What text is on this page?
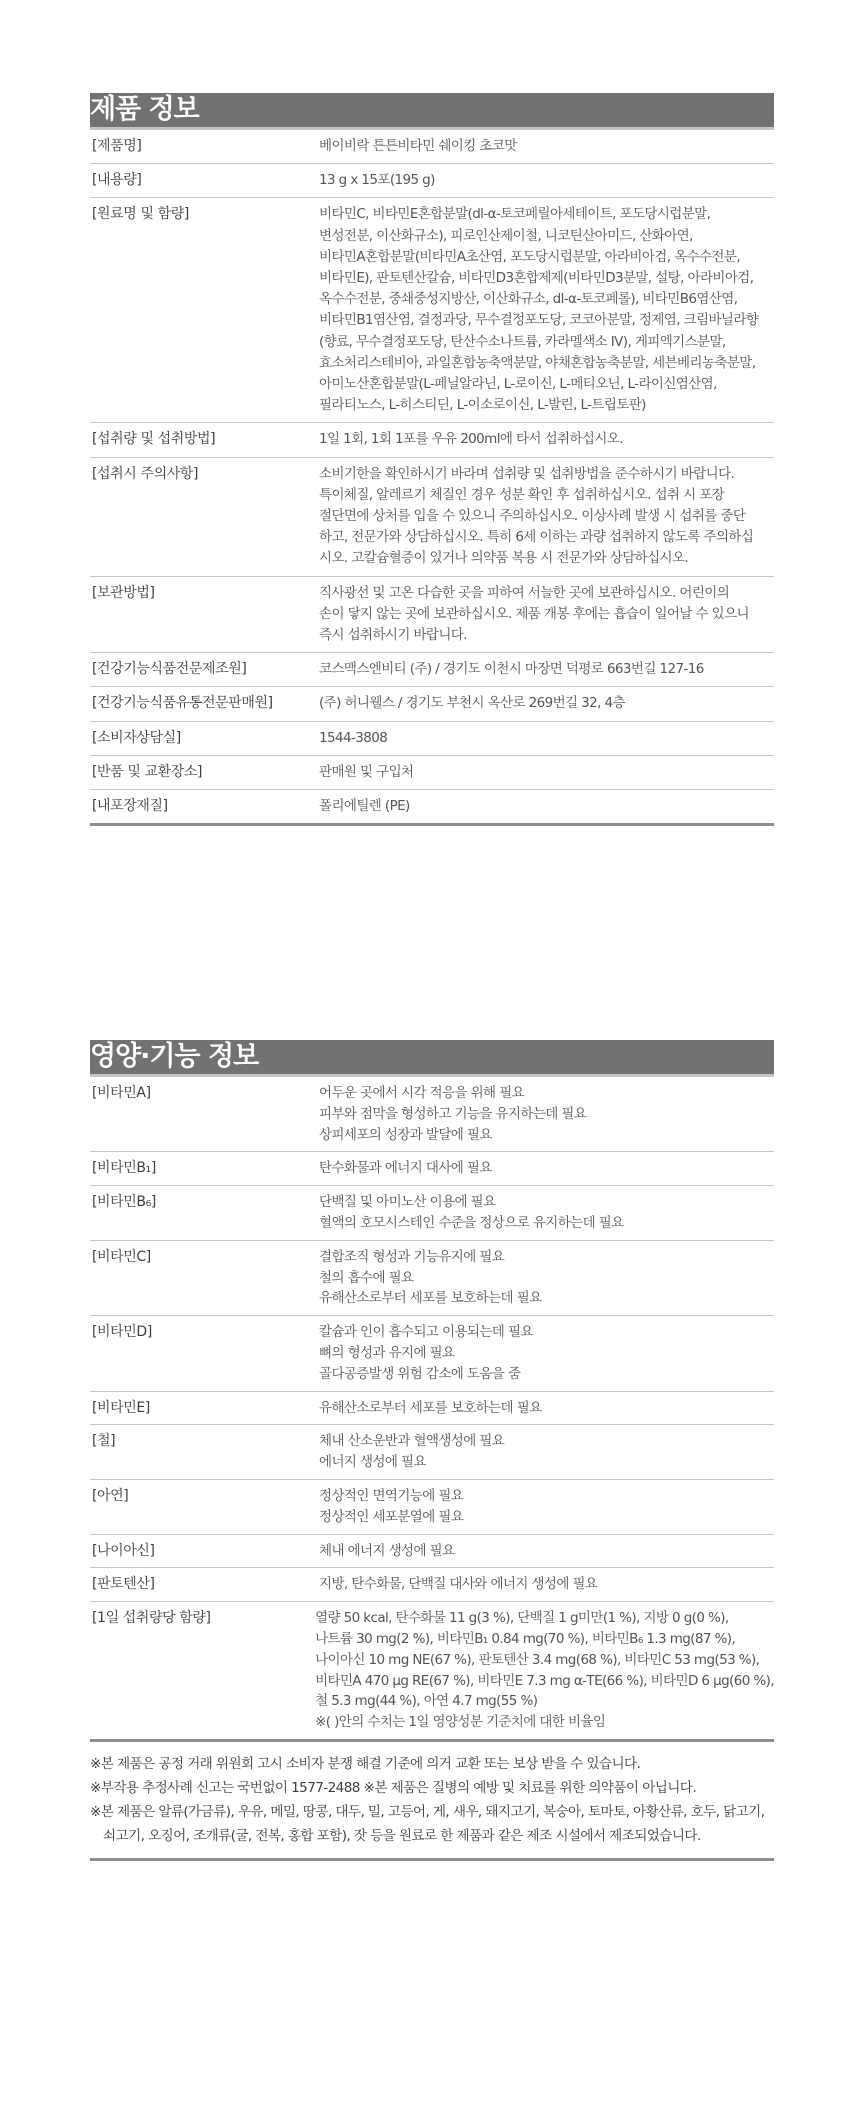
제품 정보
[제품명]	베이비락 튼튼비타민 쉐이킹 초코맛
[내용량]	13 g x 15포(195 g)
[원료명 및 함량]	비타민C, 비타민E혼합분말(dl-α-토코페릴아세테이트, 포도당시럽분말,
변성전분, 이산화규소), 피로인산제이철, 니코틴산아미드, 산화아연,
비타민A혼합분말(비타민A초산염, 포도당시럽분말, 아라비아검, 옥수수전분,
비타민E), 판토텐산칼슘, 비타민D3혼합제제(비타민D3분말, 설탕, 아라비아검,
옥수수전분, 중쇄중성지방산, 이산화규소, dl-α-토코페롤), 비타민B6염산염,
비타민B1염산염, 결정과당, 무수결정포도당, 코코아분말, 정제염, 크림바닐라향
(향료, 무수결정포도당, 탄산수소나트륨, 카라멜색소 IV), 게피엑기스분말,
효소처리스테비아, 과일혼합농축액분말, 야채혼합농축분말, 세븐베리농축분말,
아미노산혼합분말(L-페닐알라닌, L-로이신, L-메티오닌, L-라이신염산염,
필라티노스, L-히스티딘, L-이소로이신, L-발린, L-트립토판)
[섭취량 및 섭취방법]	1일 1회, 1회 1포를 우유 200ml에 타서 섭취하십시오.
[섭취시 주의사항]	소비기한을 확인하시기 바라며 섭취량 및 섭취방법을 준수하시기 바랍니다.
특이체질, 알레르기 체질인 경우 성분 확인 후 섭취하십시오. 섭취 시 포장
절단면에 상처를 입을 수 있으니 주의하십시오. 이상사례 발생 시 섭취를 중단
하고, 전문가와 상담하십시오. 특히 6세 이하는 과량 섭취하지 않도록 주의하십
시오. 고칼슘혈증이 있거나 의약품 복용 시 전문가와 상담하십시오.
[보관방법]	직사광선 및 고온 다습한 곳을 피하여 서늘한 곳에 보관하십시오. 어린이의
손이 닿지 않는 곳에 보관하십시오. 제품 개봉 후에는 흡습이 일어날 수 있으니
즉시 섭취하시기 바랍니다.
[건강기능식품전문제조원]	코스맥스엔비티 (주) / 경기도 이천시 마장면 덕평로 663번길 127-16
[건강기능식품유통전문판매원]	(주) 허니웰스 / 경기도 부천시 옥산로 269번길 32, 4층
[소비자상담실]	1544-3808
[반품 및 교환장소]	판매원 및 구입처
[내포장재질]	폴리에틸렌 (PE)
영양·기능 정보
[비타민A]	어두운 곳에서 시각 적응을 위해 필요
피부와 점막을 형성하고 기능을 유지하는데 필요
상피세포의 성장과 발달에 필요
[비타민B₁]	탄수화물과 에너지 대사에 필요
[비타민B₆]	단백질 및 아미노산 이용에 필요
혈액의 호모시스테인 수준을 정상으로 유지하는데 필요
[비타민C]	결합조직 형성과 기능유지에 필요
철의 흡수에 필요
유해산소로부터 세포를 보호하는데 필요
[비타민D]	칼슘과 인이 흡수되고 이용되는데 필요
뼈의 형성과 유지에 필요
골다공증발생 위험 감소에 도움을 줌
[비타민E]	유해산소로부터 세포를 보호하는데 필요
[철]	체내 산소운반과 혈액생성에 필요
에너지 생성에 필요
[아연]	정상적인 면역기능에 필요
정상적인 세포분열에 필요
[나이아신]	체내 에너지 생성에 필요
[판토텐산]	지방, 탄수화물, 단백질 대사와 에너지 생성에 필요
[1일 섭취량당 함량]	열량 50 kcal, 탄수화물 11 g(3 %), 단백질 1 g미만(1 %), 지방 0 g(0 %),
나트륨 30 mg(2 %), 비타민B₁ 0.84 mg(70 %), 비타민B₆ 1.3 mg(87 %),
나이아신 10 mg NE(67 %), 판토텐산 3.4 mg(68 %), 비타민C 53 mg(53 %),
비타민A 470 μg RE(67 %), 비타민E 7.3 mg α-TE(66 %), 비타민D 6 μg(60 %),
철 5.3 mg(44 %), 아연 4.7 mg(55 %)
※( )안의 수치는 1일 영양성분 기준치에 대한 비율임
※본 제품은 공정 거래 위원회 고시 소비자 분쟁 해결 기준에 의거 교환 또는 보상 받을 수 있습니다.
※부작용 추정사례 신고는 국번없이 1577-2488 ※본 제품은 질병의 예방 및 치료를 위한 의약품이 아닙니다.
※본 제품은 알류(가금류), 우유, 메밀, 땅콩, 대두, 밀, 고등어, 게, 새우, 돼지고기, 복숭아, 토마토, 아황산류, 호두, 닭고기,
쇠고기, 오징어, 조개류(굴, 전복, 홍합 포함), 잣 등을 원료로 한 제품과 같은 제조 시설에서 제조되었습니다.
